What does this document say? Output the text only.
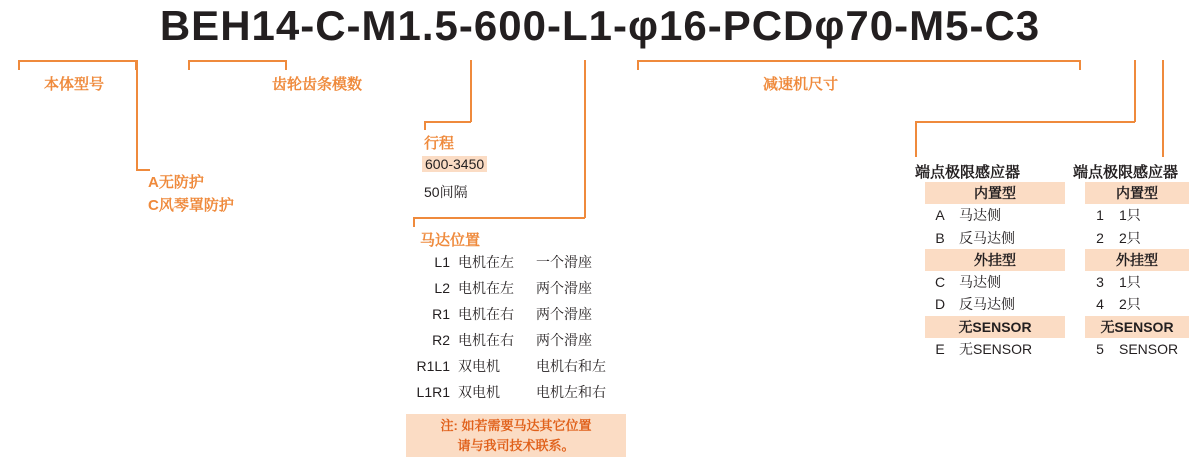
BEH14-C-M1.5-600-L1-φ16-PCDφ70-M5-C3
本体型号
A无防护
C风琴罩防护
齿轮齿条模数
行程
600-3450
50间隔
马达位置
减速机尺寸
端点极限感应器	端点极限感应器
L1 电机在左 一个滑座
L2 电机在左 两个滑座
R1 电机在右 两个滑座
R2 电机在右 两个滑座
R1L1 双电机	电机右和左
L1R1 双电机	电机左和右
注: 如若需要马达其它位置
请与我司技术联系。
内置型	
A	马达侧
B	反马达侧
外挂型	
C	马达侧
D	反马达侧
无SENSOR	
E	无SENSOR
内置型	
1	1只
2	2只
外挂型	
3	1只
4	2只
无SENSOR	
5	SENSOR
